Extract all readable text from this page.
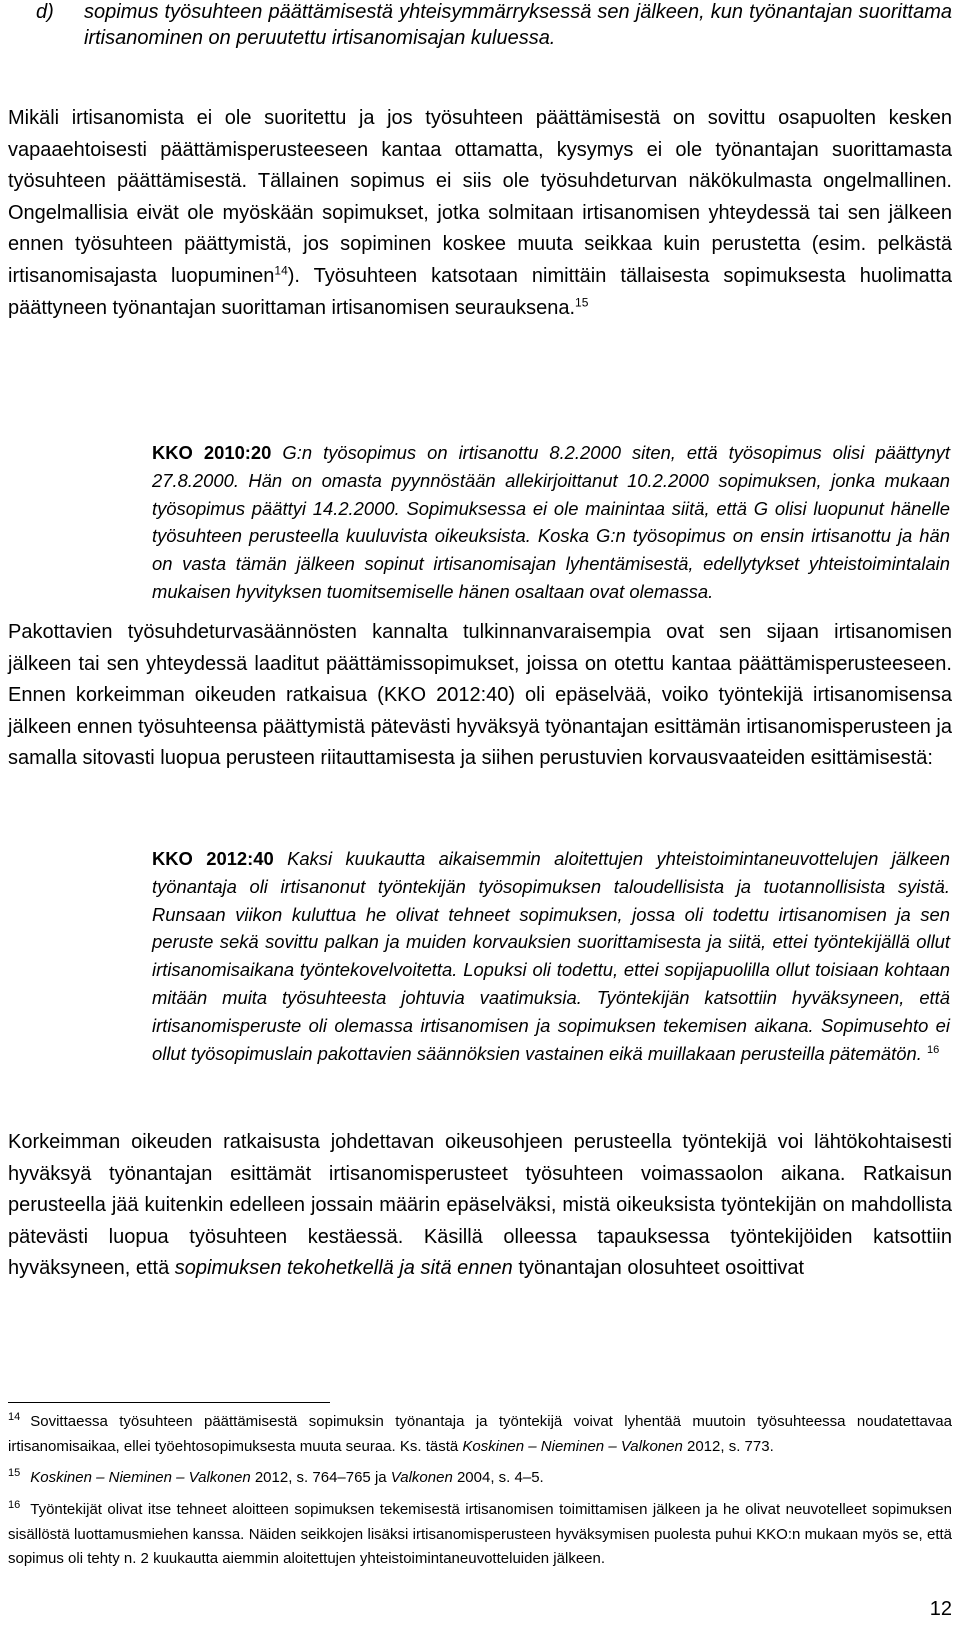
d) sopimus työsuhteen päättämisestä yhteisymmärryksessä sen jälkeen, kun työnantajan suorittama irtisanominen on peruutettu irtisanomisajan kuluessa.
Mikäli irtisanomista ei ole suoritettu ja jos työsuhteen päättämisestä on sovittu osapuolten kesken vapaaehtoisesti päättämisperusteeseen kantaa ottamatta, kysymys ei ole työnantajan suorittamasta työsuhteen päättämisestä. Tällainen sopimus ei siis ole työsuhdeturvan näkökulmasta ongelmallinen. Ongelmallisia eivät ole myöskään sopimukset, jotka solmitaan irtisanomisen yhteydessä tai sen jälkeen ennen työsuhteen päättymistä, jos sopiminen koskee muuta seikkaa kuin perustetta (esim. pelkästä irtisanomisajasta luopuminen$^{14}$). Työsuhteen katsotaan nimittäin tällaisesta sopimuksesta huolimatta päättyneen työnantajan suorittaman irtisanomisen seurauksena.$^{15}$
KKO 2010:20 G:n työsopimus on irtisanottu 8.2.2000 siten, että työsopimus olisi päättynyt 27.8.2000. Hän on omasta pyynnöstään allekirjoittanut 10.2.2000 sopimuksen, jonka mukaan työsopimus päättyi 14.2.2000. Sopimuksessa ei ole mainintaa siitä, että G olisi luopunut hänelle työsuhteen perusteella kuuluvista oikeuksista. Koska G:n työsopimus on ensin irtisanottu ja hän on vasta tämän jälkeen sopinut irtisanomisajan lyhentämisestä, edellytykset yhteistoimintalain mukaisen hyvityksen tuomitsemiselle hänen osaltaan ovat olemassa.
Pakottavien työsuhdeturvasäännösten kannalta tulkinnanvaraisempia ovat sen sijaan irtisanomisen jälkeen tai sen yhteydessä laaditut päättämissopimukset, joissa on otettu kantaa päättämisperusteeseen. Ennen korkeimman oikeuden ratkaisua (KKO 2012:40) oli epäselvää, voiko työntekijä irtisanomisensa jälkeen ennen työsuhteensa päättymistä pätevästi hyväksyä työnantajan esittämän irtisanomisperusteen ja samalla sitovasti luopua perusteen riitauttamisesta ja siihen perustuvien korvausvaateiden esittämisestä:
KKO 2012:40 Kaksi kuukautta aikaisemmin aloitettujen yhteistoimintaneuvottelujen jälkeen työnantaja oli irtisanonut työntekijän työsopimuksen taloudellisista ja tuotannollisista syistä. Runsaan viikon kuluttua he olivat tehneet sopimuksen, jossa oli todettu irtisanomisen ja sen peruste sekä sovittu palkan ja muiden korvauksien suorittamisesta ja siitä, ettei työntekijällä ollut irtisanomisaikana työntekovelvoitetta. Lopuksi oli todettu, ettei sopijapuolilla ollut toisiaan kohtaan mitään muita työsuhteesta johtuvia vaatimuksia. Työntekijän katsottiin hyväksyneen, että irtisanomisperuste oli olemassa irtisanomisen ja sopimuksen tekemisen aikana. Sopimusehto ei ollut työsopimuslain pakottavien säännöksien vastainen eikä muillakaan perusteilla pätemätön. $^{16}$
Korkeimman oikeuden ratkaisusta johdettavan oikeusohjeen perusteella työntekijä voi lähtökohtaisesti hyväksyä työnantajan esittämät irtisanomisperusteet työsuhteen voimassaolon aikana. Ratkaisun perusteella jää kuitenkin edelleen jossain määrin epäselväksi, mistä oikeuksista työntekijän on mahdollista pätevästi luopua työsuhteen kestäessä. Käsillä olleessa tapauksessa työntekijöiden katsottiin hyväksyneen, että sopimuksen tekohetkellä ja sitä ennen työnantajan olosuhteet osoittivat
$^{14}$ Sovittaessa työsuhteen päättämisestä sopimuksin työnantaja ja työntekijä voivat lyhentää muutoin työsuhteessa noudatettavaa irtisanomisaikaa, ellei työehtosopimuksesta muuta seuraa. Ks. tästä Koskinen – Nieminen – Valkonen 2012, s. 773.
$^{15}$ Koskinen – Nieminen – Valkonen 2012, s. 764–765 ja Valkonen 2004, s. 4–5.
$^{16}$ Työntekijät olivat itse tehneet aloitteen sopimuksen tekemisestä irtisanomisen toimittamisen jälkeen ja he olivat neuvotelleet sopimuksen sisällöstä luottamusmiehen kanssa. Näiden seikkojen lisäksi irtisanomisperusteen hyväksymisen puolesta puhui KKO:n mukaan myös se, että sopimus oli tehty n. 2 kuukautta aiemmin aloitettujen yhteistoimintaneuvotteluiden jälkeen.
12
